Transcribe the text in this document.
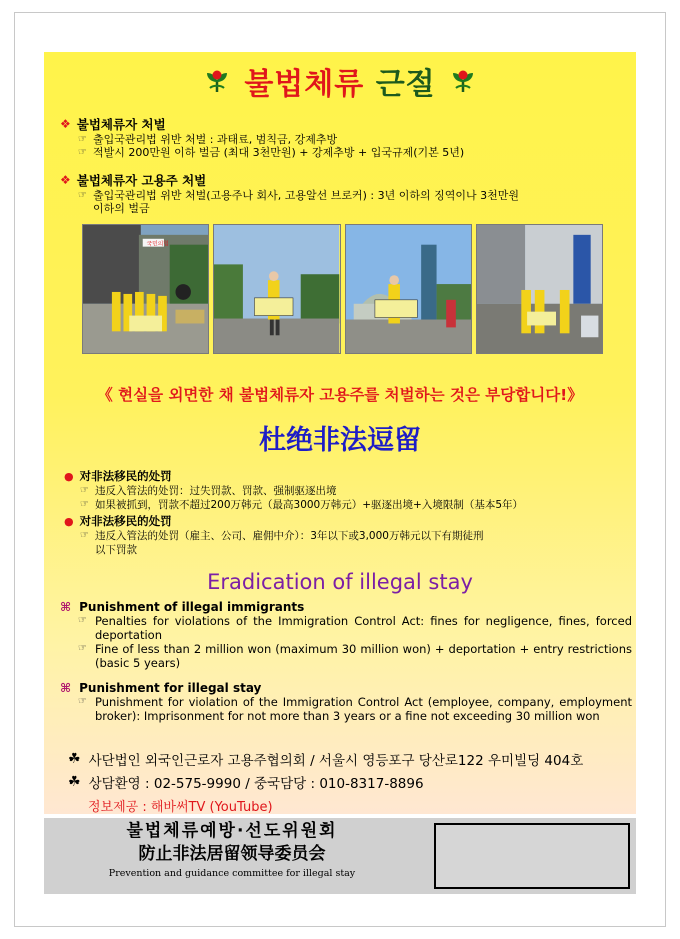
불법체류 근절
❖ 불법체류자 처벌
☞ 출입국관리법 위반 처벌 : 과태료, 범칙금, 강제추방
☞ 적발시 200만원 이하 벌금 (최대 3천만원) + 강제추방 + 입국규제(기본 5년)
❖ 불법체류자 고용주 처벌
☞ 출입국관리법 위반 처벌(고용주나 회사, 고용알선 브로커) : 3년 이하의 징역이나 3천만원
이하의 벌금
국민의힘
《 현실을 외면한 채 불법체류자 고용주를 처벌하는 것은 부당합니다!》
杜绝非法逗留
● 对非法移民的处罚
☞ 违反入管法的处罚：过失罚款、罚款、强制驱逐出境
☞ 如果被抓到，罚款不超过200万韩元（最高3000万韩元）+驱逐出境+入境限制（基本5年）
● 对非法移民的处罚
☞ 违反入管法的处罚（雇主、公司、雇佣中介）：3年以下或3,000万韩元以下有期徒刑
以下罚款
Eradication of illegal stay
⌘ Punishment of illegal immigrants
☞ Penalties for violations of the Immigration Control Act: fines for negligence, fines, forced deportation
☞ Fine of less than 2 million won (maximum 30 million won) + deportation + entry restrictions (basic 5 years)
⌘ Punishment for illegal stay
☞ Punishment for violation of the Immigration Control Act (employee, company, employment broker): Imprisonment for not more than 3 years or a fine not exceeding 30 million won
☘ 사단법인 외국인근로자 고용주협의회 / 서울시 영등포구 당산로122 우미빌딩 404호
☘ 상담환영 : 02-575-9990 / 중국담당 : 010-8317-8896
정보제공 : 해바써TV (YouTube)
불법체류예방·선도위원회
防止非法居留领导委员会
Prevention and guidance committee for illegal stay
